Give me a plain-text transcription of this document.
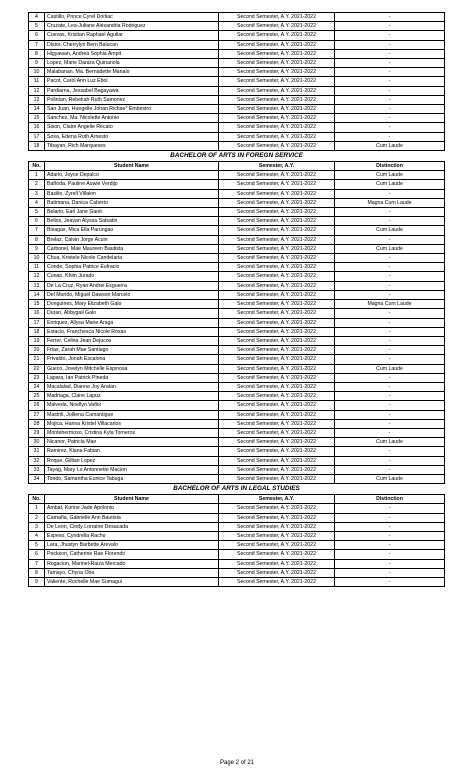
4	Castillo, Prince Cyrel Dorliac	Second Semester, A.Y. 2021-2022	-
5	Cruzate, Lea-Juliane Alexandria Rodriguez	Second Semester, A.Y. 2021-2022	-
6	Cuevas, Kristian Raphael Aguilar	Second Semester, A.Y. 2021-2022	-
7	Distor, Cherrylyn Bern Balucan	Second Semester, A.Y. 2021-2022	-
8	Higyawan, Andrea Sophia Ampit	Second Semester, A.Y. 2021-2022	-
9	Lopez, Marie Daniza Quinanola	Second Semester, A.Y. 2021-2022	-
10	Malabanan, Ma. Bernadette Manalo	Second Semester, A.Y. 2021-2022	-
11	Pacot, Carol Ann Luz Ebol	Second Semester, A.Y. 2021-2022	-
12	Pardiarna, Jessabel Bagayawa	Second Semester, A.Y. 2021-2022	-
13	Polintan, Rebekah Ruth Samonez	Second Semester, A.Y. 2021-2022	-
14	San Juan, Huegelle Johan Richae* Embestro	Second Semester, A.Y. 2021-2022	-
15	Sanchez, Ma. Nicolette Antonio	Second Semester, A.Y. 2021-2022	-
16	Sison, Claire Angelie Recato	Second Semester, A.Y. 2021-2022	-
17	Sosa, Edena Ruth Arnesto	Second Semester, A.Y. 2021-2022	-
18	Tibayan, Rich Marqueses	Second Semester, A.Y. 2021-2022	Cum Laude
BACHELOR OF ARTS IN FOREGN SERVICE			
No.	Student Name	Semester, A.Y.	Distinction
1	Adarlo, Joyce Depalco	Second Semester, A.Y. 2021-2022	Cum Laude
2	Bañoda, Pauline Auwie Verdijo	Second Semester, A.Y. 2021-2022	Cum Laude
3	Basilio, Zyrell Villalon	Second Semester, A.Y. 2021-2022	-
4	Batimana, Danica Caberto	Second Semester, A.Y. 2021-2022	Magna Cum Laude
5	Belario, Earl Jane Ganit	Second Semester, A.Y. 2021-2022	-
6	Bellos, Jeavan Alyssa Satsatin	Second Semester, A.Y. 2021-2022	-
7	Bisagas, Mica Ella Parungao	Second Semester, A.Y. 2021-2022	Cum Laude
8	Brelaz, Calvin Jorge Acuin	Second Semester, A.Y. 2021-2022	-
9	Carbonel, Mae Maureen Bautista	Second Semester, A.Y. 2021-2022	Cum Laude
10	Chua, Kristele Nicole Candelaria	Second Semester, A.Y. 2021-2022	-
11	Conde, Sophia Patrice Eufracio	Second Semester, A.Y. 2021-2022	-
12	Cunan, Khim Jurado	Second Semester, A.Y. 2021-2022	-
13	De La Cruz, Ryan Andrei Esguerra	Second Semester, A.Y. 2021-2022	-
14	Del Mundo, Miguel Dawson Marcelo	Second Semester, A.Y. 2021-2022	-
15	Donguines, Mary Elizabeth Galo	Second Semester, A.Y. 2021-2022	Magna Cum Laude
16	Duran, Abbygail Galo	Second Semester, A.Y. 2021-2022	-
17	Enriquez, Allysa Marie Araga	Second Semester, A.Y. 2021-2022	-
18	Estacio, Franchesca Nicole Roxas	Second Semester, A.Y. 2021-2022	-
19	Ferrer, Celina Jean Dejucos	Second Semester, A.Y. 2021-2022	-
20	Frias, Zarah Mae Santiago	Second Semester, A.Y. 2021-2022	-
21	Frivaldo, Jonah Escalona	Second Semester, A.Y. 2021-2022	-
22	Gueco, Jovelyn Mitchelle Espinosa	Second Semester, A.Y. 2021-2022	Cum Laude
23	Lapara, Ian Patrick Pineda	Second Semester, A.Y. 2021-2022	-
24	Macalalad, Dianne Joy Aratan	Second Semester, A.Y. 2021-2022	-
25	Madriaga, Claire Lapuz	Second Semester, A.Y. 2021-2022	-
26	Malveda, Noellyn Vaflor	Second Semester, A.Y. 2021-2022	-
27	Mastrili, Jolliena Camantigue	Second Semester, A.Y. 2021-2022	-
28	Mojica, Hanna Kristel Villacarlos	Second Semester, A.Y. 2021-2022	-
29	Montehermoso, Cristina Kyla Torneros	Second Semester, A.Y. 2021-2022	-
30	Nicanor, Patricia Mae	Second Semester, A.Y. 2021-2022	Cum Laude
31	Ramirez, Kiana Fabian	Second Semester, A.Y. 2021-2022	-
32	Roque, Gillian Lopez	Second Semester, A.Y. 2021-2022	-
33	Tayag, Mary Lu Antonnette Macion	Second Semester, A.Y. 2021-2022	-
34	Tondo, Samantha Eunice Tabuga	Second Semester, A.Y. 2021-2022	Cum Laude
BACHELOR OF ARTS IN LEGAL STUDIES			
No.	Student Name	Semester, A.Y.	Distinction
1	Ambat, Korine Jade Apolonio	Second Semester, A.Y. 2021-2022	-
2	Camaña, Gabrielle Ann Bautista	Second Semester, A.Y. 2021-2022	-
3	De Leon, Cindy Lorraine Desacada	Second Semester, A.Y. 2021-2022	-
4	Espeso, Cyndrella Racho	Second Semester, A.Y. 2021-2022	-
5	Lara, Jhustyn Barbette Arevalo	Second Semester, A.Y. 2021-2022	-
6	Peckson, Catherine Rae Florendo	Second Semester, A.Y. 2021-2022	-
7	Rogacion, Marinel-Raiza Mercado	Second Semester, A.Y. 2021-2022	-
8	Tamayo, Chyna Oba	Second Semester, A.Y. 2021-2022	-
9	Valiente, Rochelle Mae Sumagui	Second Semester, A.Y. 2021-2022	-
Page 2 of 21
